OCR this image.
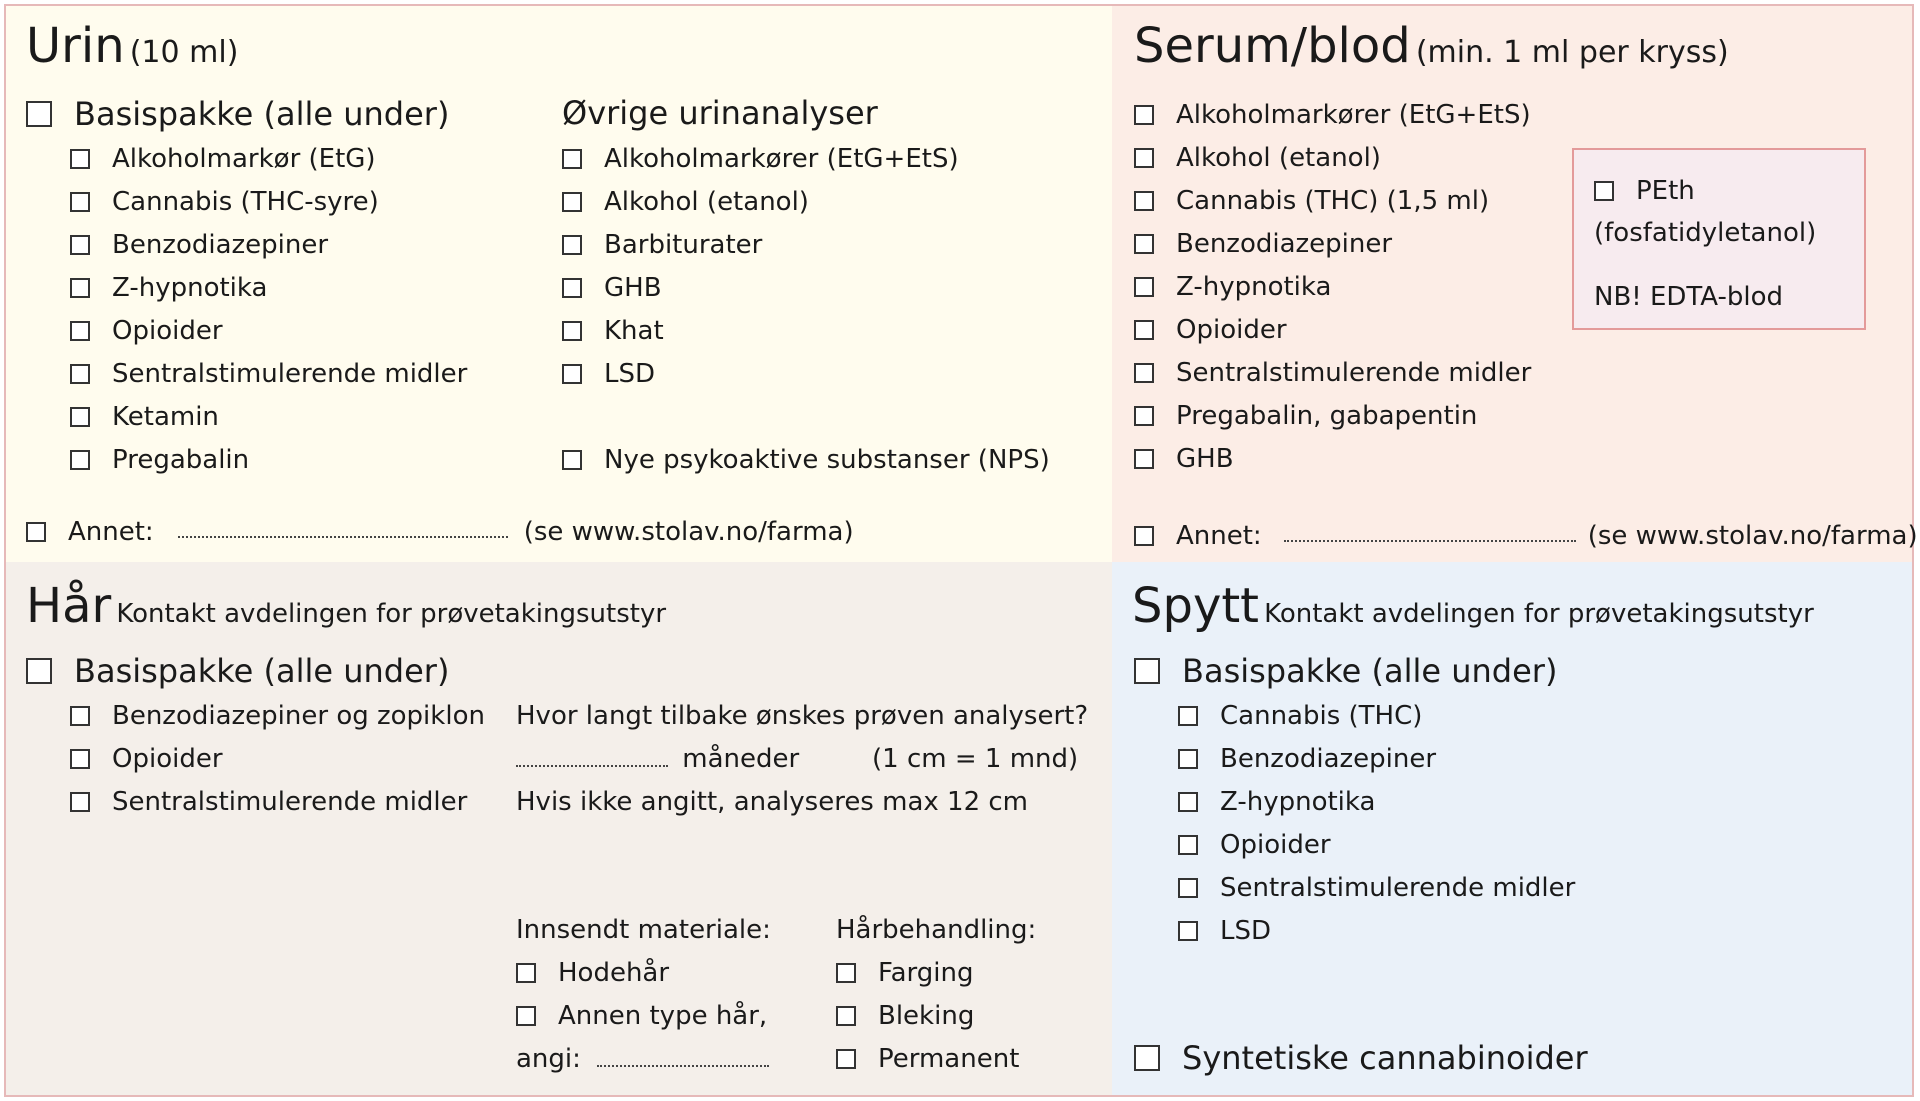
Urin (10 ml)
Basispakke (alle under)
Alkoholmarkør (EtG)
Cannabis (THC-syre)
Benzodiazepiner
Z-hypnotika
Opioider
Sentralstimulerende midler
Ketamin
Pregabalin
Øvrige urinanalyser
Alkoholmarkører (EtG+EtS)
Alkohol (etanol)
Barbiturater
GHB
Khat
LSD
Nye psykoaktive substanser (NPS)
Annet:	(se www.stolav.no/farma)
Serum/blod (min. 1 ml per kryss)
Alkoholmarkører (EtG+EtS)
Alkohol (etanol)
Cannabis (THC) (1,5 ml)
Benzodiazepiner
Z-hypnotika
Opioider
Sentralstimulerende midler
Pregabalin, gabapentin
GHB
Annet:	(se www.stolav.no/farma)
PEth
(fosfatidyletanol)
NB! EDTA-blod
Hår Kontakt avdelingen for prøvetakingsutstyr
Basispakke (alle under)
Benzodiazepiner og zopiklon
Opioider
Sentralstimulerende midler
Hvor langt tilbake ønskes prøven analysert?
måneder	(1 cm = 1 mnd)
Hvis ikke angitt, analyseres max 12 cm
Innsendt materiale:
Hodehår
Annen type hår,
angi:
Hårbehandling:
Farging
Bleking
Permanent
Spytt Kontakt avdelingen for prøvetakingsutstyr
Basispakke (alle under)
Cannabis (THC)
Benzodiazepiner
Z-hypnotika
Opioider
Sentralstimulerende midler
LSD
Syntetiske cannabinoider
